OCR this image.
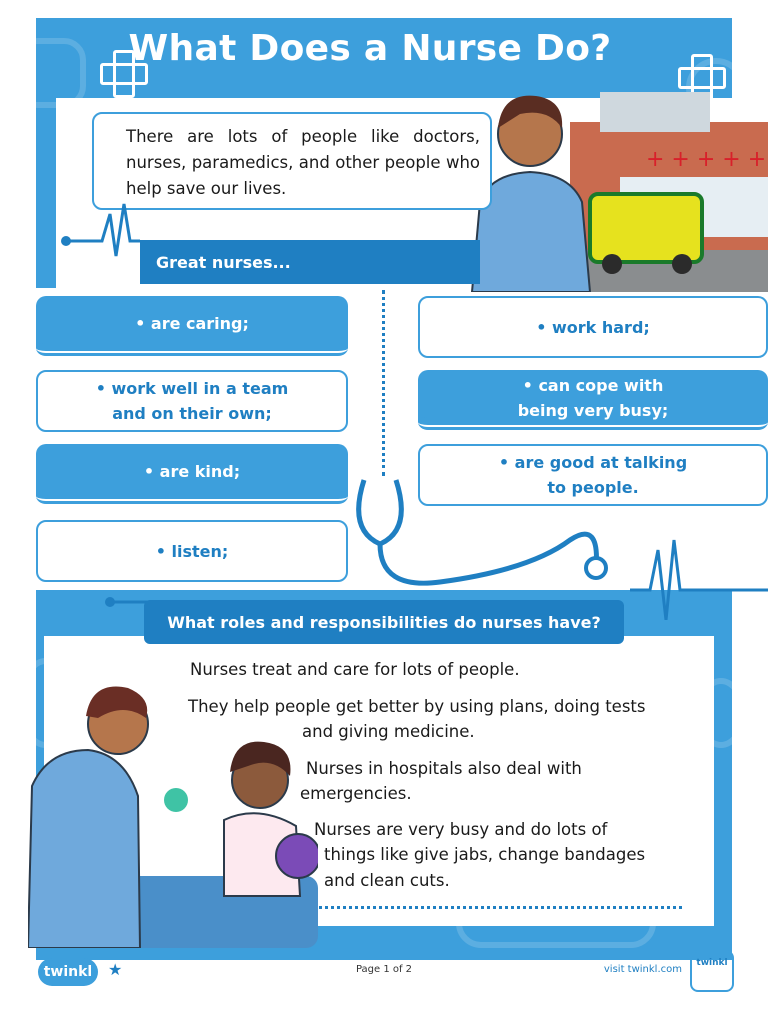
What Does a Nurse Do?
+ + + + +

There are lots of people like doctors, nurses, paramedics, and other people who help save our lives.

Great nurses...
• are caring;
• work well in a team
and on their own;
• are kind;
• listen;
• work hard;
• can cope with
being very busy;
• are good at talking
to people.
What roles and responsibilities do nurses have?
Nurses treat and care for lots of people.
They help people get better by using plans, doing tests
and giving medicine.
Nurses in hospitals also deal with
emergencies.
Nurses are very busy and do lots of
things like give jabs, change bandages
and clean cuts.
twinkl ★	Page 1 of 2	visit twinkl.com
twinkl
